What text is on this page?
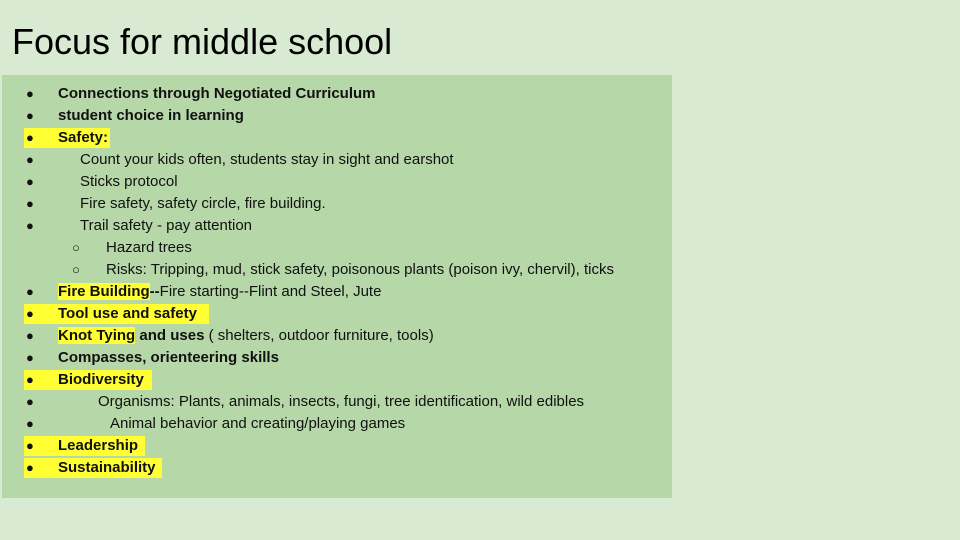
Focus for middle school
● Connections through Negotiated Curriculum
● student choice in learning
● Safety:
●	Count your kids often, students stay in sight and earshot
●	Sticks protocol
●	Fire safety, safety circle, fire building.
●	Trail safety - pay attention
○ Hazard trees
○ Risks: Tripping, mud, stick safety, poisonous plants (poison ivy, chervil), ticks
● Fire Building--Fire starting--Flint and Steel, Jute
● Tool use and safety
● Knot Tying and uses ( shelters, outdoor furniture, tools)
● Compasses, orienteering skills
● Biodiversity
●	Organisms: Plants, animals, insects, fungi, tree identification, wild edibles
●	Animal behavior and creating/playing games
● Leadership
● Sustainability
